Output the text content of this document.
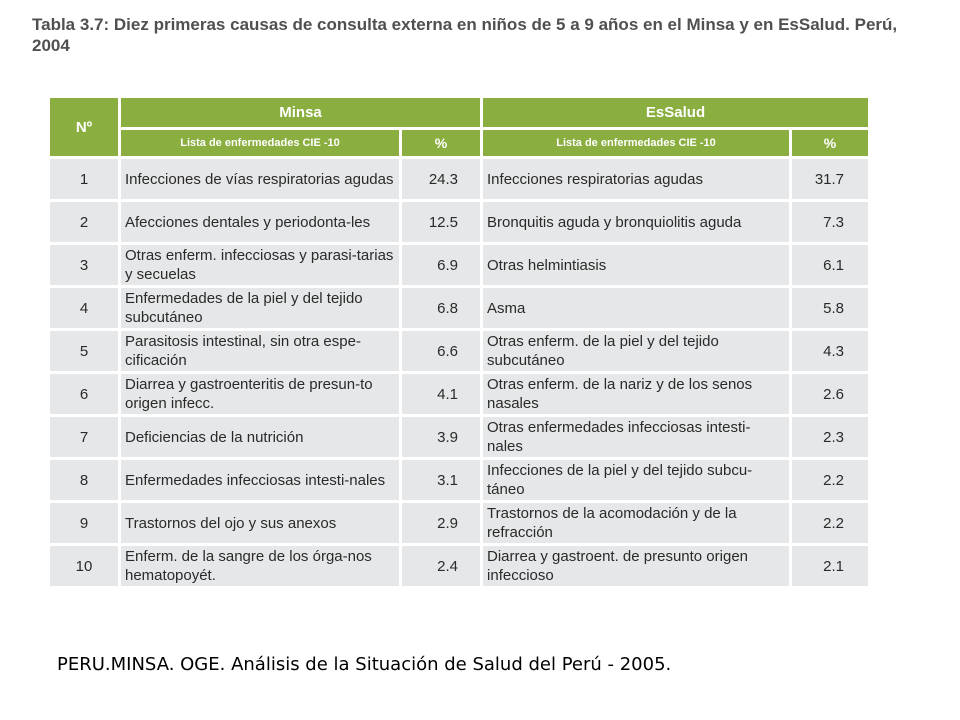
Tabla 3.7: Diez primeras causas de consulta externa en niños de 5 a 9 años en el Minsa y en EsSalud. Perú, 2004
Nº	Minsa		EsSalud	
	Lista de enfermedades CIE -10	%	Lista de enfermedades CIE -10	%
1	Infecciones de vías respiratorias agudas	24.3	Infecciones respiratorias agudas	31.7
2	Afecciones dentales y periodonta-les	12.5	Bronquitis aguda y bronquiolitis aguda	7.3
3	Otras enferm. infecciosas y parasi-tarias y secuelas	6.9	Otras helmintiasis	6.1
4	Enfermedades de la piel y del tejido subcutáneo	6.8	Asma	5.8
5	Parasitosis intestinal, sin otra espe-cificación	6.6	Otras enferm. de la piel y del tejido subcutáneo	4.3
6	Diarrea y gastroenteritis de presun-to origen infecc.	4.1	Otras enferm. de la nariz y de los senos nasales	2.6
7	Deficiencias de la nutrición	3.9	Otras enfermedades infecciosas intesti-nales	2.3
8	Enfermedades infecciosas intesti-nales	3.1	Infecciones de la piel y del tejido subcu-táneo	2.2
9	Trastornos del ojo y sus anexos	2.9	Trastornos de la acomodación y de la refracción	2.2
10	Enferm. de la sangre de los órga-nos hematopoyét.	2.4	Diarrea y gastroent. de presunto origen infeccioso	2.1
PERU.MINSA. OGE. Análisis de la Situación de Salud del Perú - 2005.
